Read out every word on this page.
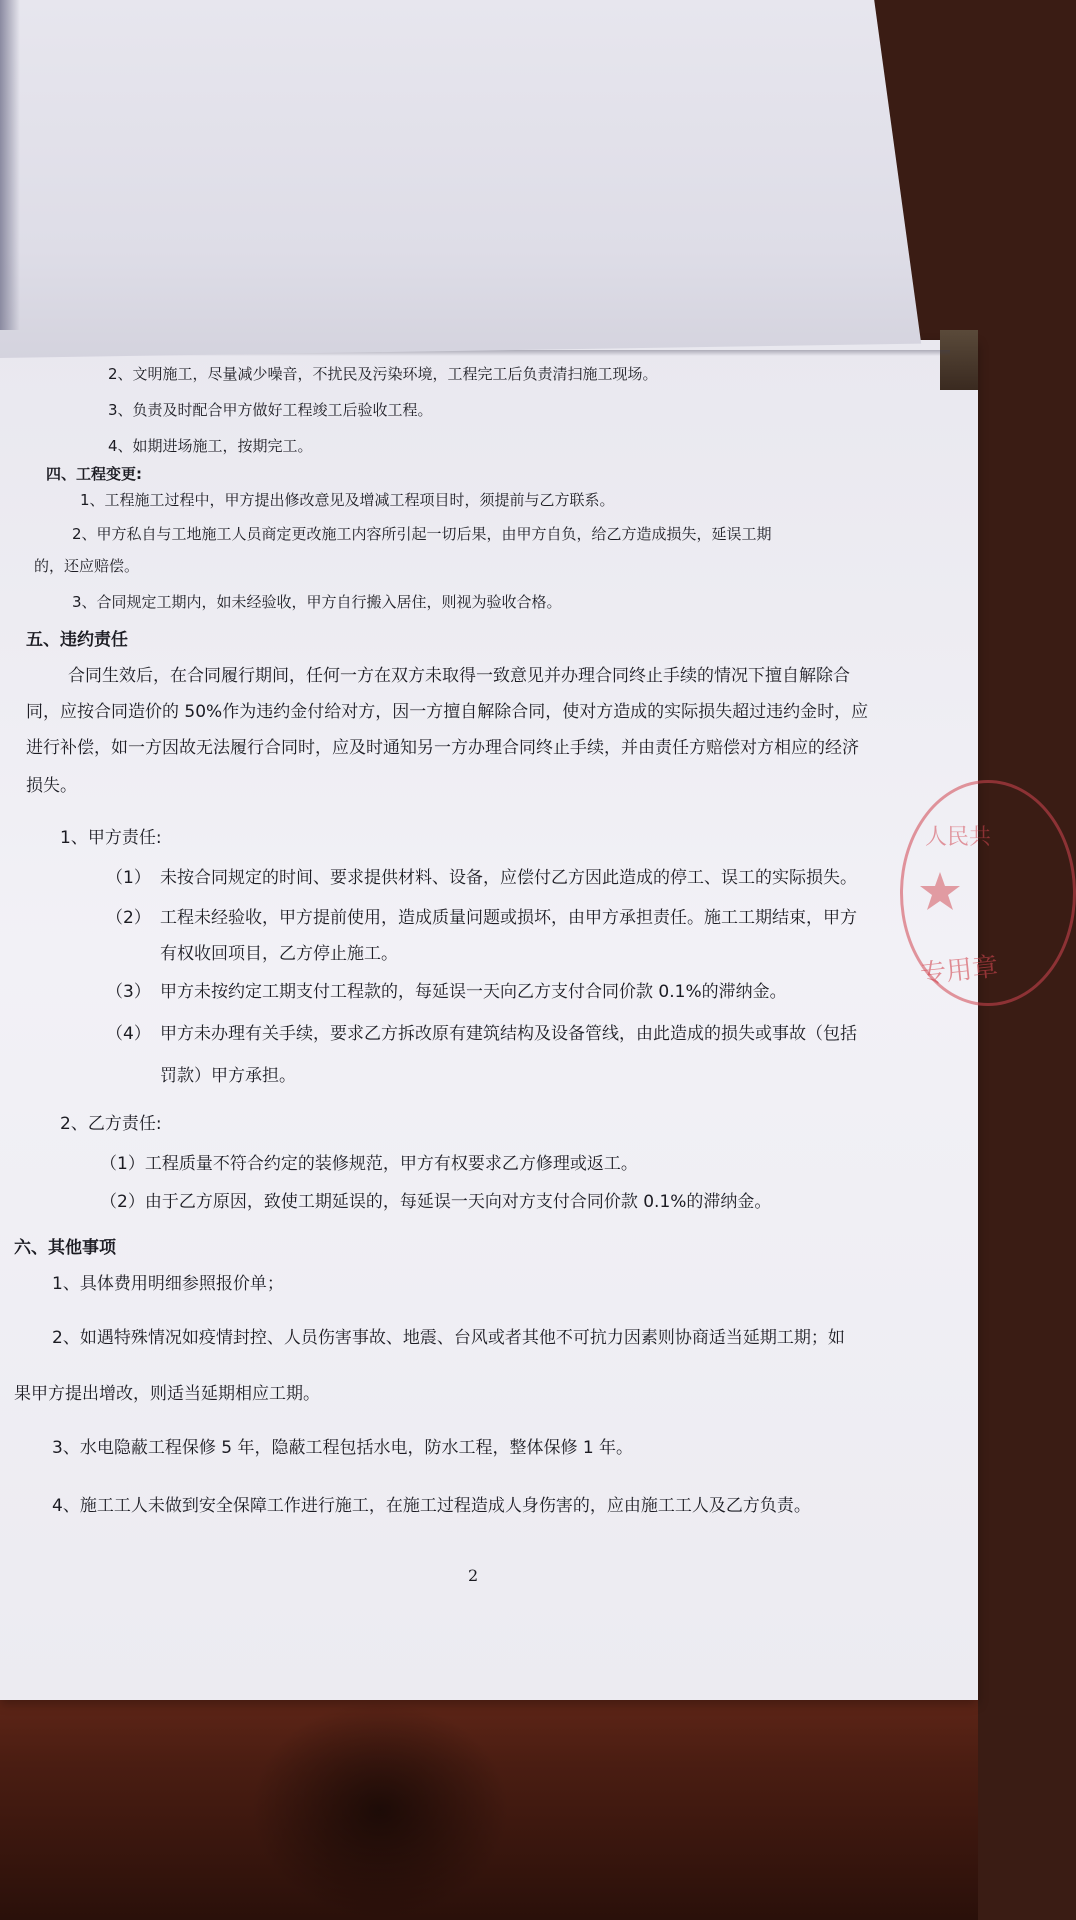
2、文明施工，尽量减少噪音，不扰民及污染环境，工程完工后负责清扫施工现场。
3、负责及时配合甲方做好工程竣工后验收工程。
4、如期进场施工，按期完工。
四、工程变更:
1、工程施工过程中，甲方提出修改意见及增减工程项目时，须提前与乙方联系。
2、甲方私自与工地施工人员商定更改施工内容所引起一切后果，由甲方自负，给乙方造成损失，延误工期
的，还应赔偿。
3、合同规定工期内，如未经验收，甲方自行搬入居住，则视为验收合格。
五、违约责任
合同生效后，在合同履行期间，任何一方在双方未取得一致意见并办理合同终止手续的情况下擅自解除合
同，应按合同造价的 50%作为违约金付给对方，因一方擅自解除合同，使对方造成的实际损失超过违约金时，应
进行补偿，如一方因故无法履行合同时，应及时通知另一方办理合同终止手续，并由责任方赔偿对方相应的经济
损失。
1、甲方责任:
（1） 未按合同规定的时间、要求提供材料、设备，应偿付乙方因此造成的停工、误工的实际损失。
（2） 工程未经验收，甲方提前使用，造成质量问题或损坏，由甲方承担责任。施工工期结束，甲方
有权收回项目，乙方停止施工。
（3） 甲方未按约定工期支付工程款的，每延误一天向乙方支付合同价款 0.1%的滞纳金。
（4） 甲方未办理有关手续，要求乙方拆改原有建筑结构及设备管线，由此造成的损失或事故（包括
罚款）甲方承担。
2、乙方责任:
（1）工程质量不符合约定的装修规范，甲方有权要求乙方修理或返工。
（2）由于乙方原因，致使工期延误的，每延误一天向对方支付合同价款 0.1%的滞纳金。
六、其他事项
1、具体费用明细参照报价单；
2、如遇特殊情况如疫情封控、人员伤害事故、地震、台风或者其他不可抗力因素则协商适当延期工期；如
果甲方提出增改，则适当延期相应工期。
3、水电隐蔽工程保修 5 年，隐蔽工程包括水电，防水工程，整体保修 1 年。
4、施工工人未做到安全保障工作进行施工，在施工过程造成人身伤害的，应由施工工人及乙方负责。
2
人民共
专用章
